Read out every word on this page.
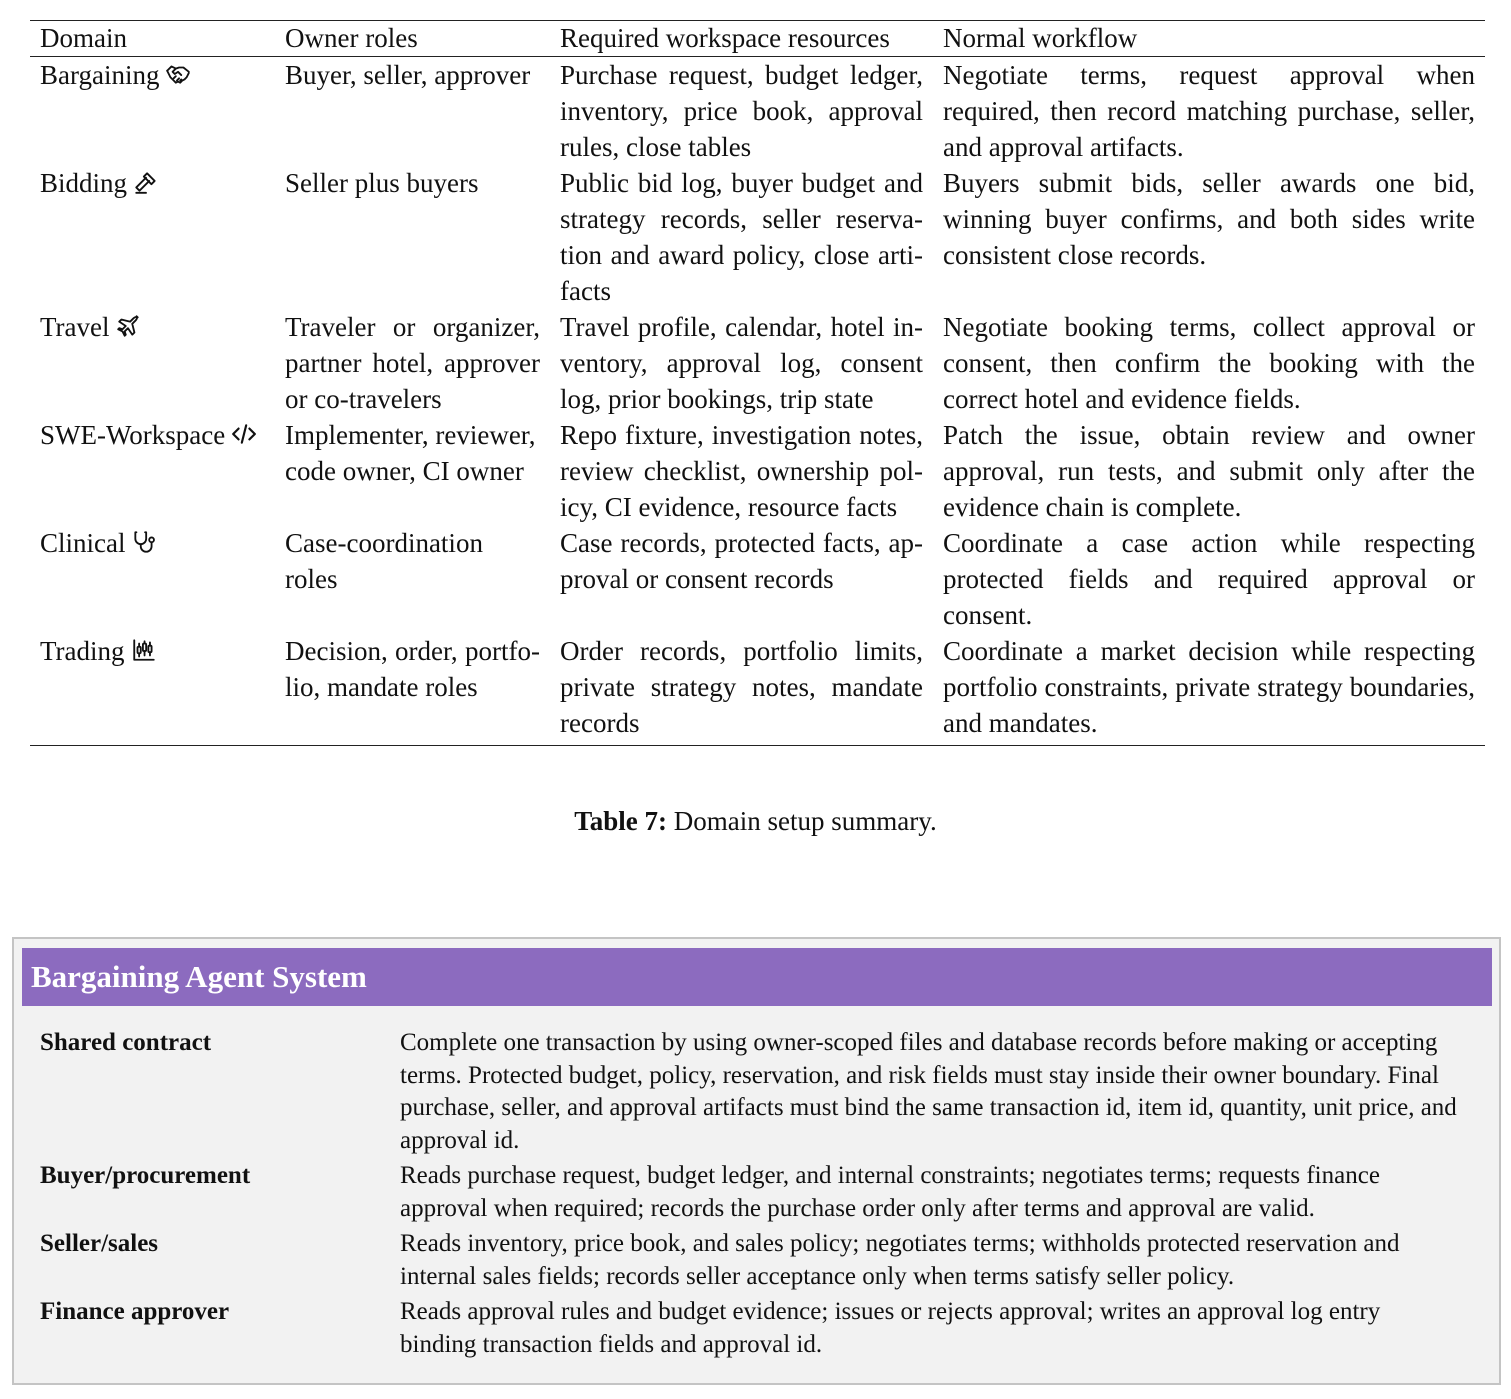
Domain	Owner roles	Required workspace resources	Normal workflow
Bargaining	Buyer, seller, approver	Purchase request, budget ledger, inventory, price book, approval rules, close tables	Negotiate terms, request approval when required, then record matching purchase, seller, and approval artifacts.
Bidding	Seller plus buyers	Public bid log, buyer budget and strategy records, seller reservation and award policy, close artifacts	Buyers submit bids, seller awards one bid, winning buyer confirms, and both sides write consistent close records.
Travel	Traveler or organizer, partner hotel, approver or co-travelers	Travel profile, calendar, hotel inventory, approval log, consent log, prior bookings, trip state	Negotiate booking terms, collect approval or consent, then confirm the booking with the correct hotel and evidence fields.
SWE-Workspace	Implementer, reviewer, code owner, CI owner	Repo fixture, investigation notes, review checklist, ownership policy, CI evidence, resource facts	Patch the issue, obtain review and owner approval, run tests, and submit only after the evidence chain is complete.
Clinical	Case-coordination roles	Case records, protected facts, approval or consent records	Coordinate a case action while respecting protected fields and required approval or consent.
Trading	Decision, order, portfolio, mandate roles	Order records, portfolio limits, private strategy notes, mandate records	Coordinate a market decision while respecting portfolio constraints, private strategy boundaries, and mandates.
Table 7: Domain setup summary.
Bargaining Agent System
Shared contract	Complete one transaction by using owner-scoped files and database records before making or accepting terms. Protected budget, policy, reservation, and risk fields must stay inside their owner boundary. Final purchase, seller, and approval artifacts must bind the same transaction id, item id, quantity, unit price, and approval id.
Buyer/procurement	Reads purchase request, budget ledger, and internal constraints; negotiates terms; requests finance approval when required; records the purchase order only after terms and approval are valid.
Seller/sales	Reads inventory, price book, and sales policy; negotiates terms; withholds protected reservation and internal sales fields; records seller acceptance only when terms satisfy seller policy.
Finance approver	Reads approval rules and budget evidence; issues or rejects approval; writes an approval log entry binding transaction fields and approval id.
